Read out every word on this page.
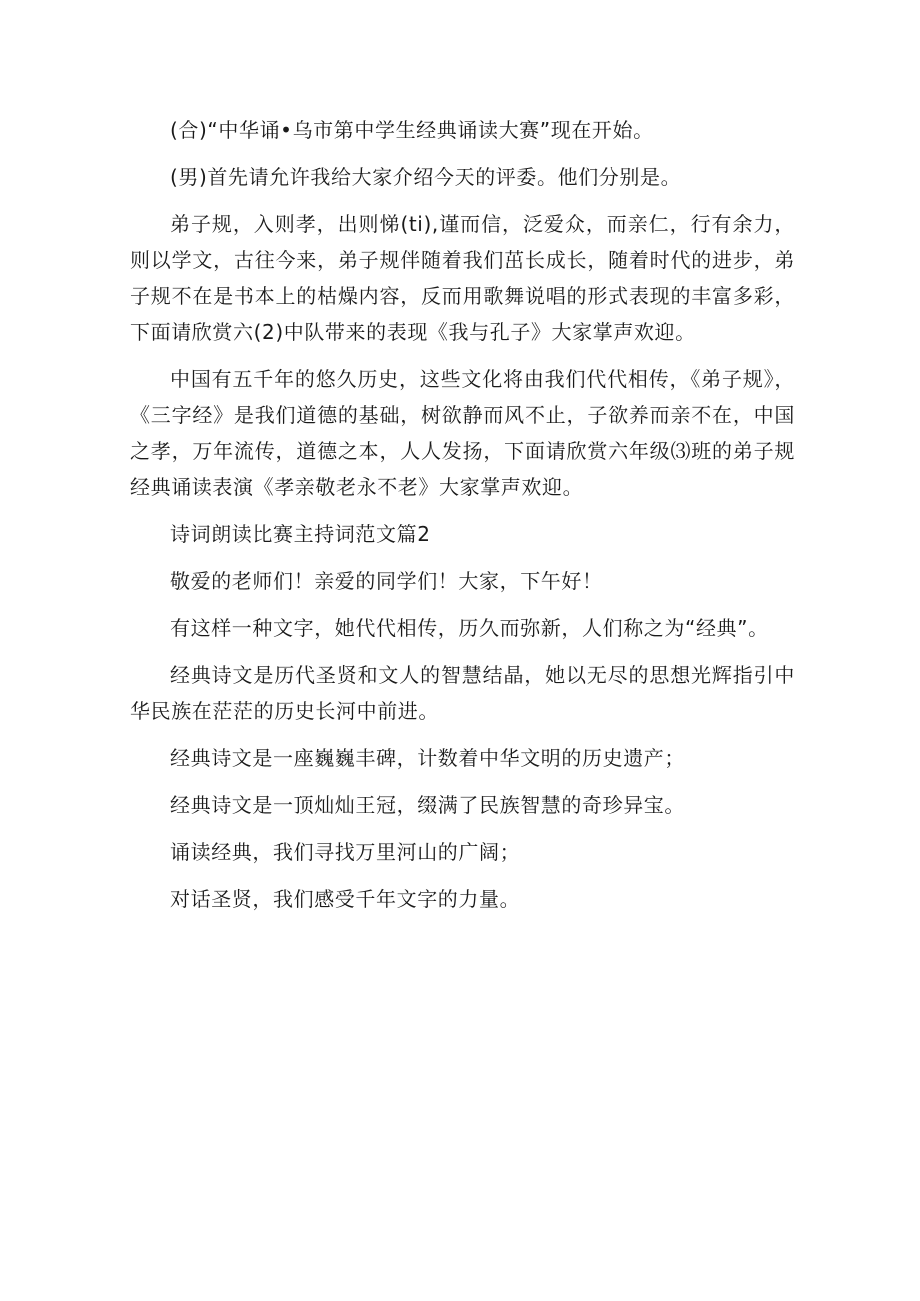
(合)“中华诵•乌市第中学生经典诵读大赛”现在开始。

(男)首先请允许我给大家介绍今天的评委。他们分别是。

弟子规，入则孝，出则悌(ti),谨而信，泛爱众，而亲仁，行有余力，则以学文，古往今来，弟子规伴随着我们茁长成长，随着时代的进步，弟子规不在是书本上的枯燥内容，反而用歌舞说唱的形式表现的丰富多彩，下面请欣赏六(2)中队带来的表现《我与孔子》大家掌声欢迎。

中国有五千年的悠久历史，这些文化将由我们代代相传，《弟子规》，《三字经》是我们道德的基础，树欲静而风不止，子欲养而亲不在，中国之孝，万年流传，道德之本，人人发扬，下面请欣赏六年级⑶班的弟子规经典诵读表演《孝亲敬老永不老》大家掌声欢迎。

诗词朗读比赛主持词范文篇2

敬爱的老师们！亲爱的同学们！大家，下午好！

有这样一种文字，她代代相传，历久而弥新，人们称之为“经典”。

经典诗文是历代圣贤和文人的智慧结晶，她以无尽的思想光辉指引中华民族在茫茫的历史长河中前进。

经典诗文是一座巍巍丰碑，计数着中华文明的历史遗产；

经典诗文是一顶灿灿王冠，缀满了民族智慧的奇珍异宝。

诵读经典，我们寻找万里河山的广阔；

对话圣贤，我们感受千年文字的力量。
